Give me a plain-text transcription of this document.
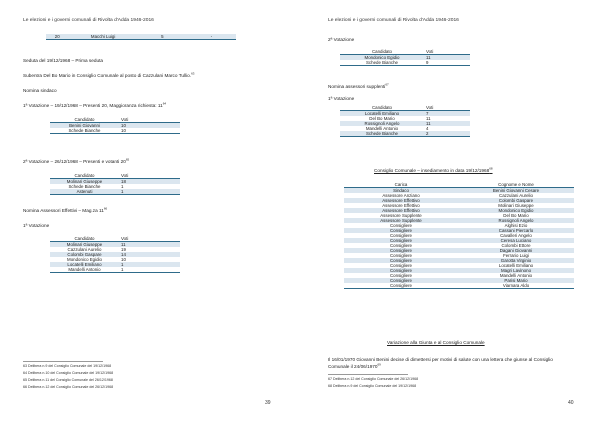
Le elezioni e i governi comunali di Rivolta d'Adda 1946-2016
20	Macchi Luigi	5	-
Seduta del 19/12/1968 – Prima seduta
Subentra Del Bo Mario in Consiglio Comunale al posto di Cazzulani Marco Tullio.$^{63}$
Nomina sindaco
1ª Votazione – 19/12/1968 – Presenti 20, Maggioranza richiesta: $11^{64}$
Candidato	Voti
Benini Giovanni	10
Schede Bianche	10
2ª Votazione – 26/12/1968 – Presenti e votanti $20^{65}$
Candidato	Voti
Molinari Giuseppe	18
Schede Bianche	1
Astenuti	1
Nomina Assessori Effettivi – Mag.za $11^{66}$
1ª Votazione
Candidato	Voti
Molinari Giuseppe	11
Cazzulani Aurelio	19
Colombi Gaspare	14
Mondonico Egidio	10
Locatelli Emiliano	1
Mandelli Antonio	1
63 Delibera n.9 del Consiglio Comunale del 19/12/1968
64 Delibera n.10 del Consiglio Comunale del 19/12/1968
65 Delibera n.11 del Consiglio Comunale del 26/12/1968
66 Delibera n.12 del Consiglio Comunale del 26/12/1968
39
Le elezioni e i governi comunali di Rivolta d'Adda 1946-2016
2ª Votazione
Candidato	Voti
Mondonico Egidio	11
Schede Bianche	9
Nomina assessori supplenti$^{67}$
1ª Votazione
Candidato	Voti
Locatelli Emiliano	7
Del Bo Mario	11
Rossignoli Angelo	11
Mandelli Antonio	4
Schede Bianche	2
Consiglio Comunale – insediamento in data 19/12/1968$^{68}$
Carica	Cognome e Nome
Sindaco	Benini Giovanni Cesare
Assessore Anziano	Cazzulani Aurelio
Assessore Effettivo	Colombi Gaspare
Assessore Effettivo	Molinari Giuseppe
Assessore Effettivo	Mondonico Egidio
Assessore Supplente	Del Bo Mario
Assessore Supplente	Rossignoli Angelo
Consigliere	Alghisi Ezio
Consigliere	Cassani Piercarlo
Consigliere	Cavalleri Angelo
Consigliere	Ceresa Luciano
Consigliere	Colombi Ettore
Consigliere	Dagani Giovanni
Consigliere	Ferrario Luigi
Consigliere	Garotta Virginio
Consigliere	Locatelli Emiliano
Consigliere	Magri Lavinono
Consigliere	Mandelli Antonio
Consigliere	Parisi Mario
Consigliere	Viarnara Aldo
Variazione alla Giunta e al Consiglio Comunale
Il 16/01/1970 Giovanni Benini decise di dimettersi per motivi di salute con una lettera che giunse al Consiglio Comunale il 24/06/1970$^{69}$
67 Delibera n.12 del Consiglio Comunale del 26/12/1968
68 Delibera n.9 del Consiglio Comunale del 19/12/1968
40
